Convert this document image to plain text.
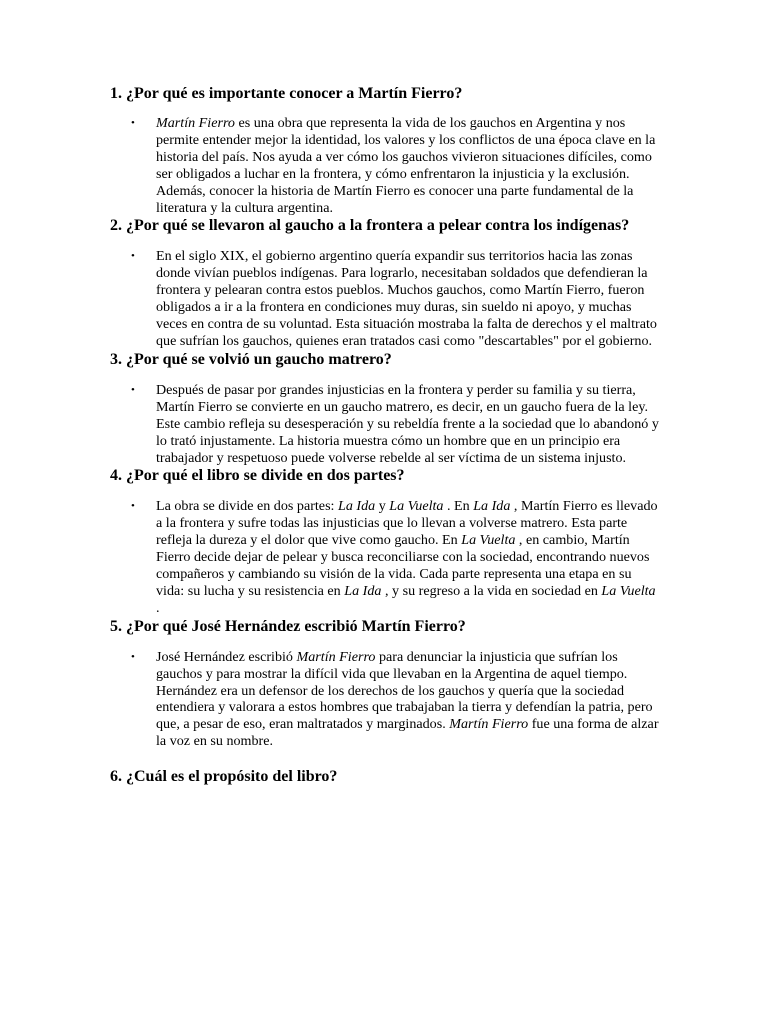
1. ¿Por qué es importante conocer a Martín Fierro?
• Martín Fierro es una obra que representa la vida de los gauchos en Argentina y nos permite entender mejor la identidad, los valores y los conflictos de una época clave en la historia del país. Nos ayuda a ver cómo los gauchos vivieron situaciones difíciles, como ser obligados a luchar en la frontera, y cómo enfrentaron la injusticia y la exclusión. Además, conocer la historia de Martín Fierro es conocer una parte fundamental de la literatura y la cultura argentina.
2. ¿Por qué se llevaron al gaucho a la frontera a pelear contra los indígenas?
• En el siglo XIX, el gobierno argentino quería expandir sus territorios hacia las zonas donde vivían pueblos indígenas. Para lograrlo, necesitaban soldados que defendieran la frontera y pelearan contra estos pueblos. Muchos gauchos, como Martín Fierro, fueron obligados a ir a la frontera en condiciones muy duras, sin sueldo ni apoyo, y muchas veces en contra de su voluntad. Esta situación mostraba la falta de derechos y el maltrato que sufrían los gauchos, quienes eran tratados casi como "descartables" por el gobierno.
3. ¿Por qué se volvió un gaucho matrero?
• Después de pasar por grandes injusticias en la frontera y perder su familia y su tierra, Martín Fierro se convierte en un gaucho matrero, es decir, en un gaucho fuera de la ley. Este cambio refleja su desesperación y su rebeldía frente a la sociedad que lo abandonó y lo trató injustamente. La historia muestra cómo un hombre que en un principio era trabajador y respetuoso puede volverse rebelde al ser víctima de un sistema injusto.
4. ¿Por qué el libro se divide en dos partes?
• La obra se divide en dos partes: La Ida y La Vuelta . En La Ida , Martín Fierro es llevado a la frontera y sufre todas las injusticias que lo llevan a volverse matrero. Esta parte refleja la dureza y el dolor que vive como gaucho. En La Vuelta , en cambio, Martín Fierro decide dejar de pelear y busca reconciliarse con la sociedad, encontrando nuevos compañeros y cambiando su visión de la vida. Cada parte representa una etapa en su vida: su lucha y su resistencia en La Ida , y su regreso a la vida en sociedad en La Vuelta .
5. ¿Por qué José Hernández escribió Martín Fierro?
• José Hernández escribió Martín Fierro para denunciar la injusticia que sufrían los gauchos y para mostrar la difícil vida que llevaban en la Argentina de aquel tiempo. Hernández era un defensor de los derechos de los gauchos y quería que la sociedad entendiera y valorara a estos hombres que trabajaban la tierra y defendían la patria, pero que, a pesar de eso, eran maltratados y marginados. Martín Fierro fue una forma de alzar la voz en su nombre.
6. ¿Cuál es el propósito del libro?
